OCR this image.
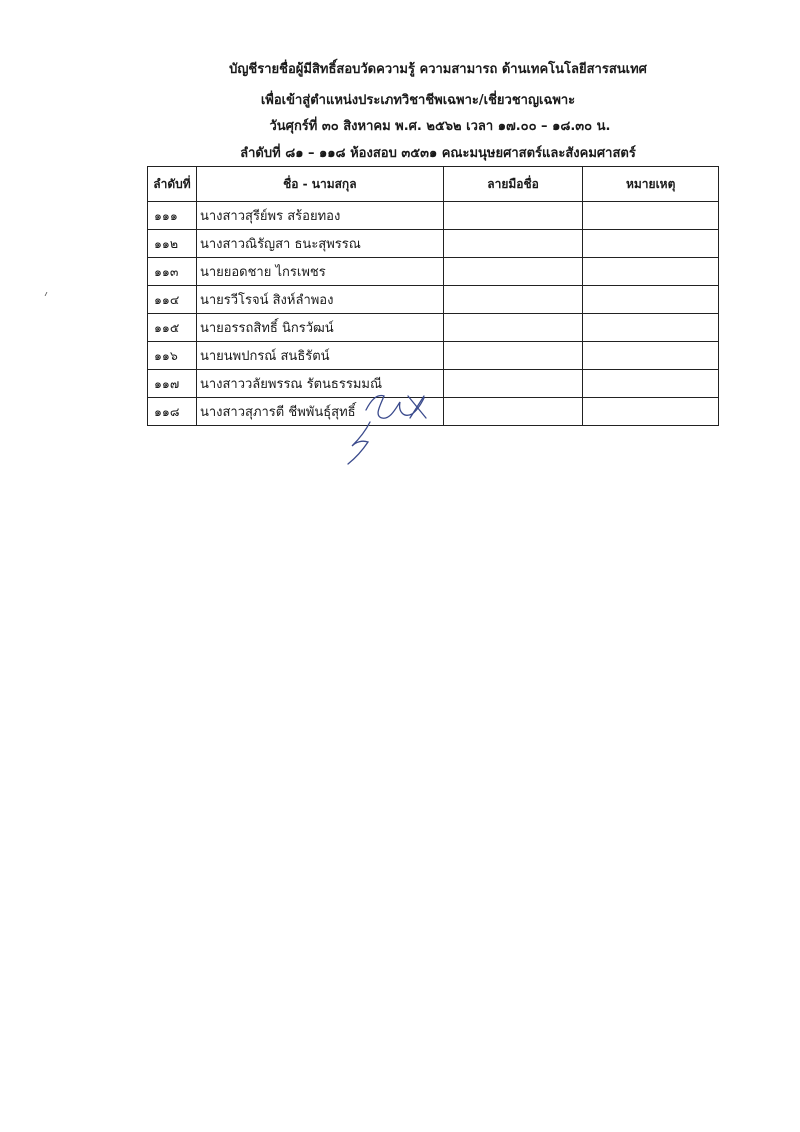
บัญชีรายชื่อผู้มีสิทธิ์สอบวัดความรู้ ความสามารถ ด้านเทคโนโลยีสารสนเทศ
เพื่อเข้าสู่ตำแหน่งประเภทวิชาชีพเฉพาะ/เชี่ยวชาญเฉพาะ
วันศุกร์ที่ ๓๐ สิงหาคม พ.ศ. ๒๕๖๒ เวลา ๑๗.๐๐ – ๑๘.๓๐ น.
ลำดับที่ ๘๑ – ๑๑๘ ห้องสอบ ๓๕๓๑ คณะมนุษยศาสตร์และสังคมศาสตร์
ลำดับที่	ชื่อ - นามสกุล	ลายมือชื่อ	หมายเหตุ
๑๑๑	นางสาวสุรีย์พร สร้อยทอง		
๑๑๒	นางสาวณิรัญสา ธนะสุพรรณ		
๑๑๓	นายยอดชาย ไกรเพชร		
๑๑๔	นายรวีโรจน์ สิงห์ลำพอง		
๑๑๕	นายอรรถสิทธิ์ นิกรวัฒน์		
๑๑๖	นายนพปกรณ์ สนธิรัตน์		
๑๑๗	นางสาววลัยพรรณ รัตนธรรมมณี		
๑๑๘	นางสาวสุภารตี ชีพพันธุ์สุทธิ์		
